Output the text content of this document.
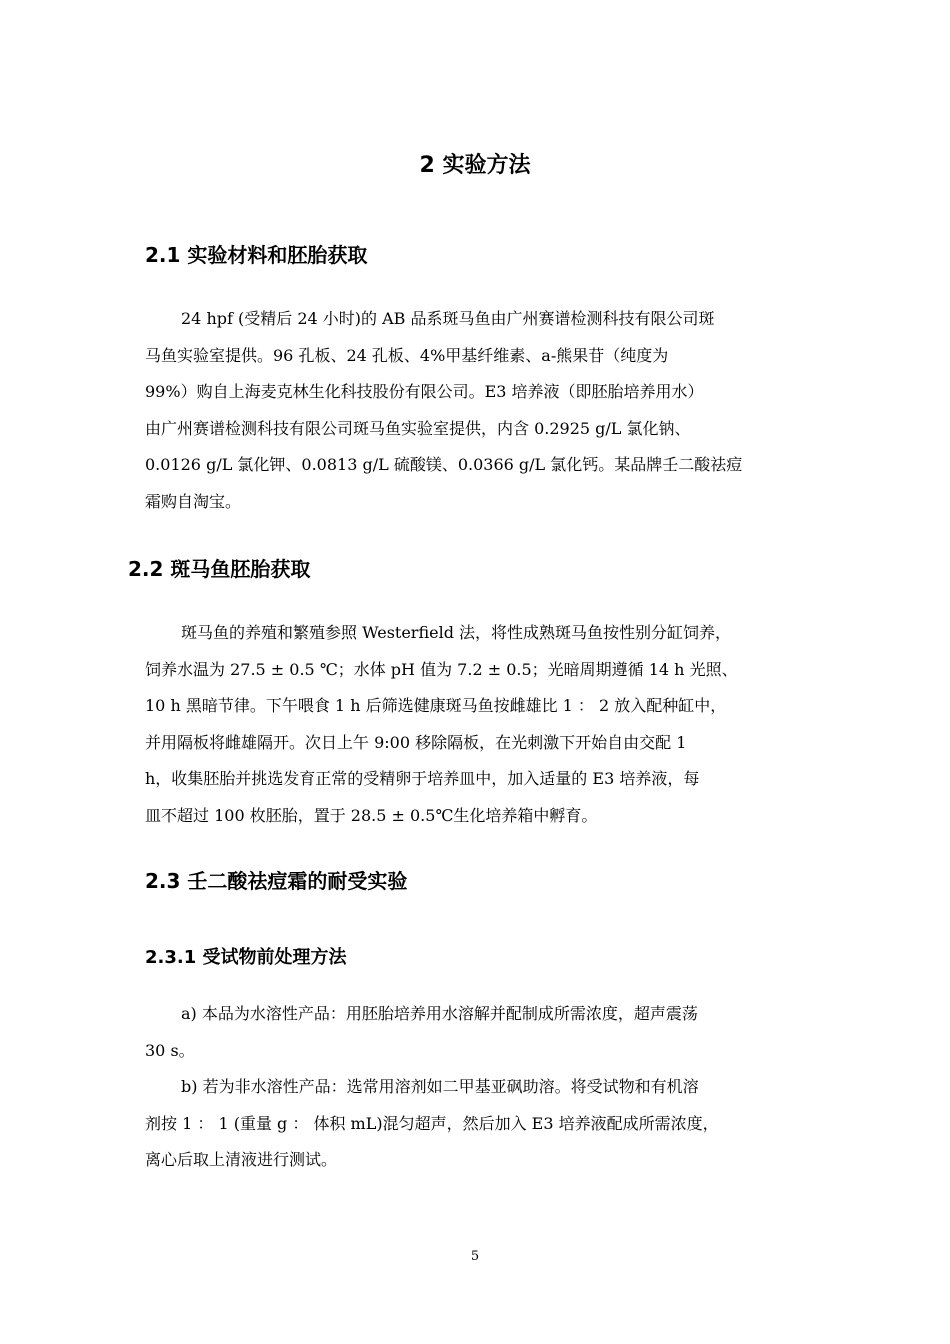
2 实验方法
2.1 实验材料和胚胎获取
24 hpf (受精后 24 小时)的 AB 品系斑马鱼由广州赛谱检测科技有限公司斑
马鱼实验室提供。96 孔板、24 孔板、4%甲基纤维素、a-熊果苷（纯度为
99%）购自上海麦克林生化科技股份有限公司。E3 培养液（即胚胎培养用水）
由广州赛谱检测科技有限公司斑马鱼实验室提供，内含 0.2925 g/L 氯化钠、
0.0126 g/L 氯化钾、0.0813 g/L 硫酸镁、0.0366 g/L 氯化钙。某品牌壬二酸祛痘
霜购自淘宝。
2.2 斑马鱼胚胎获取
斑马鱼的养殖和繁殖参照 Westerfield 法，将性成熟斑马鱼按性别分缸饲养，
饲养水温为 27.5 ± 0.5 ℃；水体 pH 值为 7.2 ± 0.5；光暗周期遵循 14 h 光照、
10 h 黑暗节律。下午喂食 1 h 后筛选健康斑马鱼按雌雄比 1 ： 2 放入配种缸中，
并用隔板将雌雄隔开。次日上午 9:00 移除隔板，在光刺激下开始自由交配 1
h，收集胚胎并挑选发育正常的受精卵于培养皿中，加入适量的 E3 培养液，每
皿不超过 100 枚胚胎，置于 28.5 ± 0.5℃生化培养箱中孵育。
2.3 壬二酸祛痘霜的耐受实验
2.3.1 受试物前处理方法
a) 本品为水溶性产品：用胚胎培养用水溶解并配制成所需浓度，超声震荡
30 s。
b) 若为非水溶性产品：选常用溶剂如二甲基亚砜助溶。将受试物和有机溶
剂按 1 ： 1 (重量 g ： 体积 mL)混匀超声，然后加入 E3 培养液配成所需浓度，
离心后取上清液进行测试。
5
